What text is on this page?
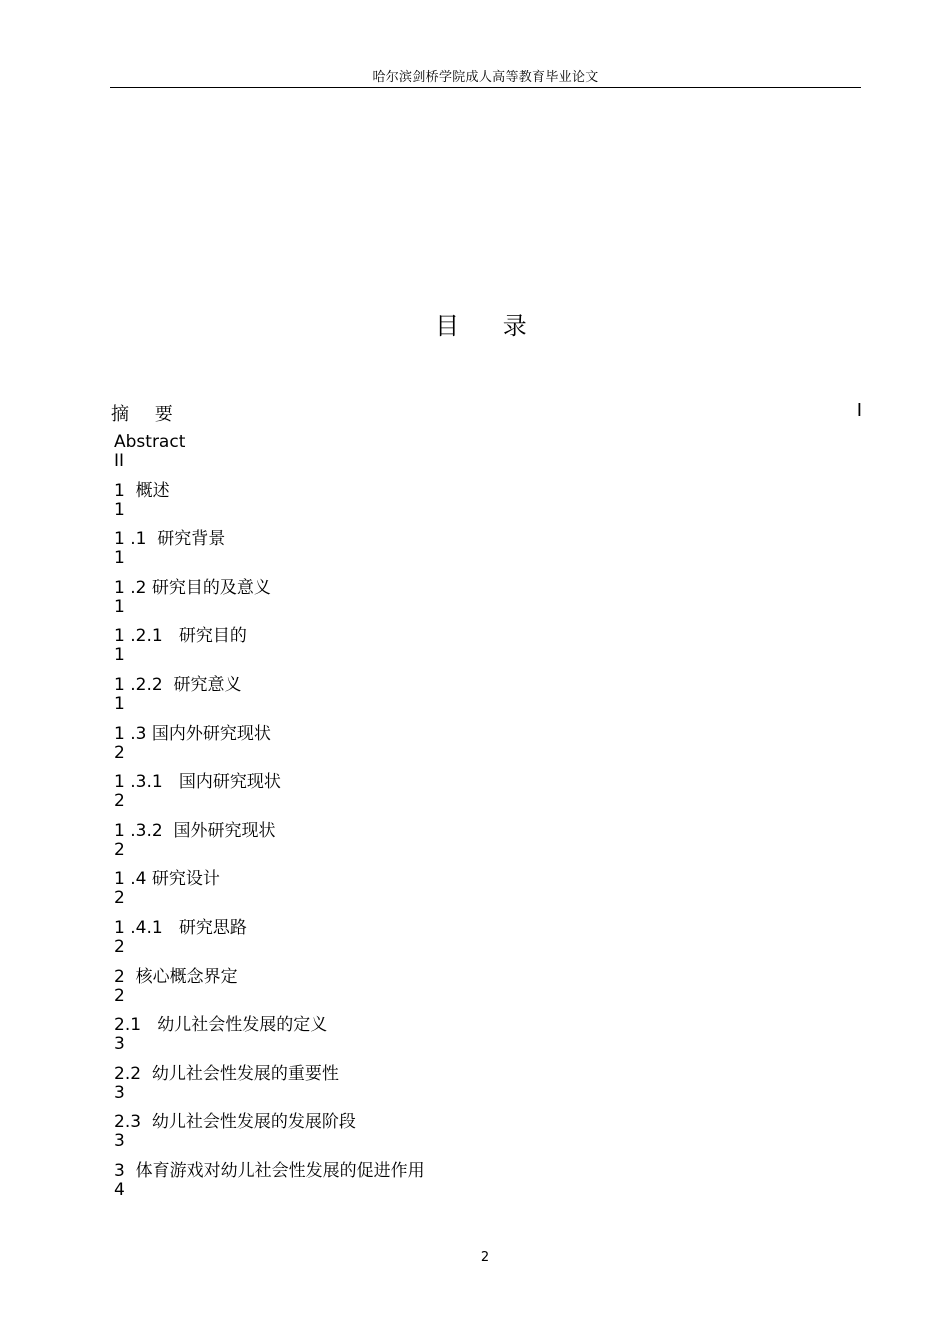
哈尔滨剑桥学院成人高等教育毕业论文
目 录
摘 要	I
Abstract
II
1  概述
1
1 .1  研究背景
1
1 .2 研究目的及意义
1
1 .2.1   研究目的
1
1 .2.2  研究意义
1
1 .3 国内外研究现状
2
1 .3.1   国内研究现状
2
1 .3.2  国外研究现状
2
1 .4 研究设计
2
1 .4.1   研究思路
2
2  核心概念界定
2
2.1   幼儿社会性发展的定义
3
2.2  幼儿社会性发展的重要性
3
2.3  幼儿社会性发展的发展阶段
3
3  体育游戏对幼儿社会性发展的促进作用
4
2
